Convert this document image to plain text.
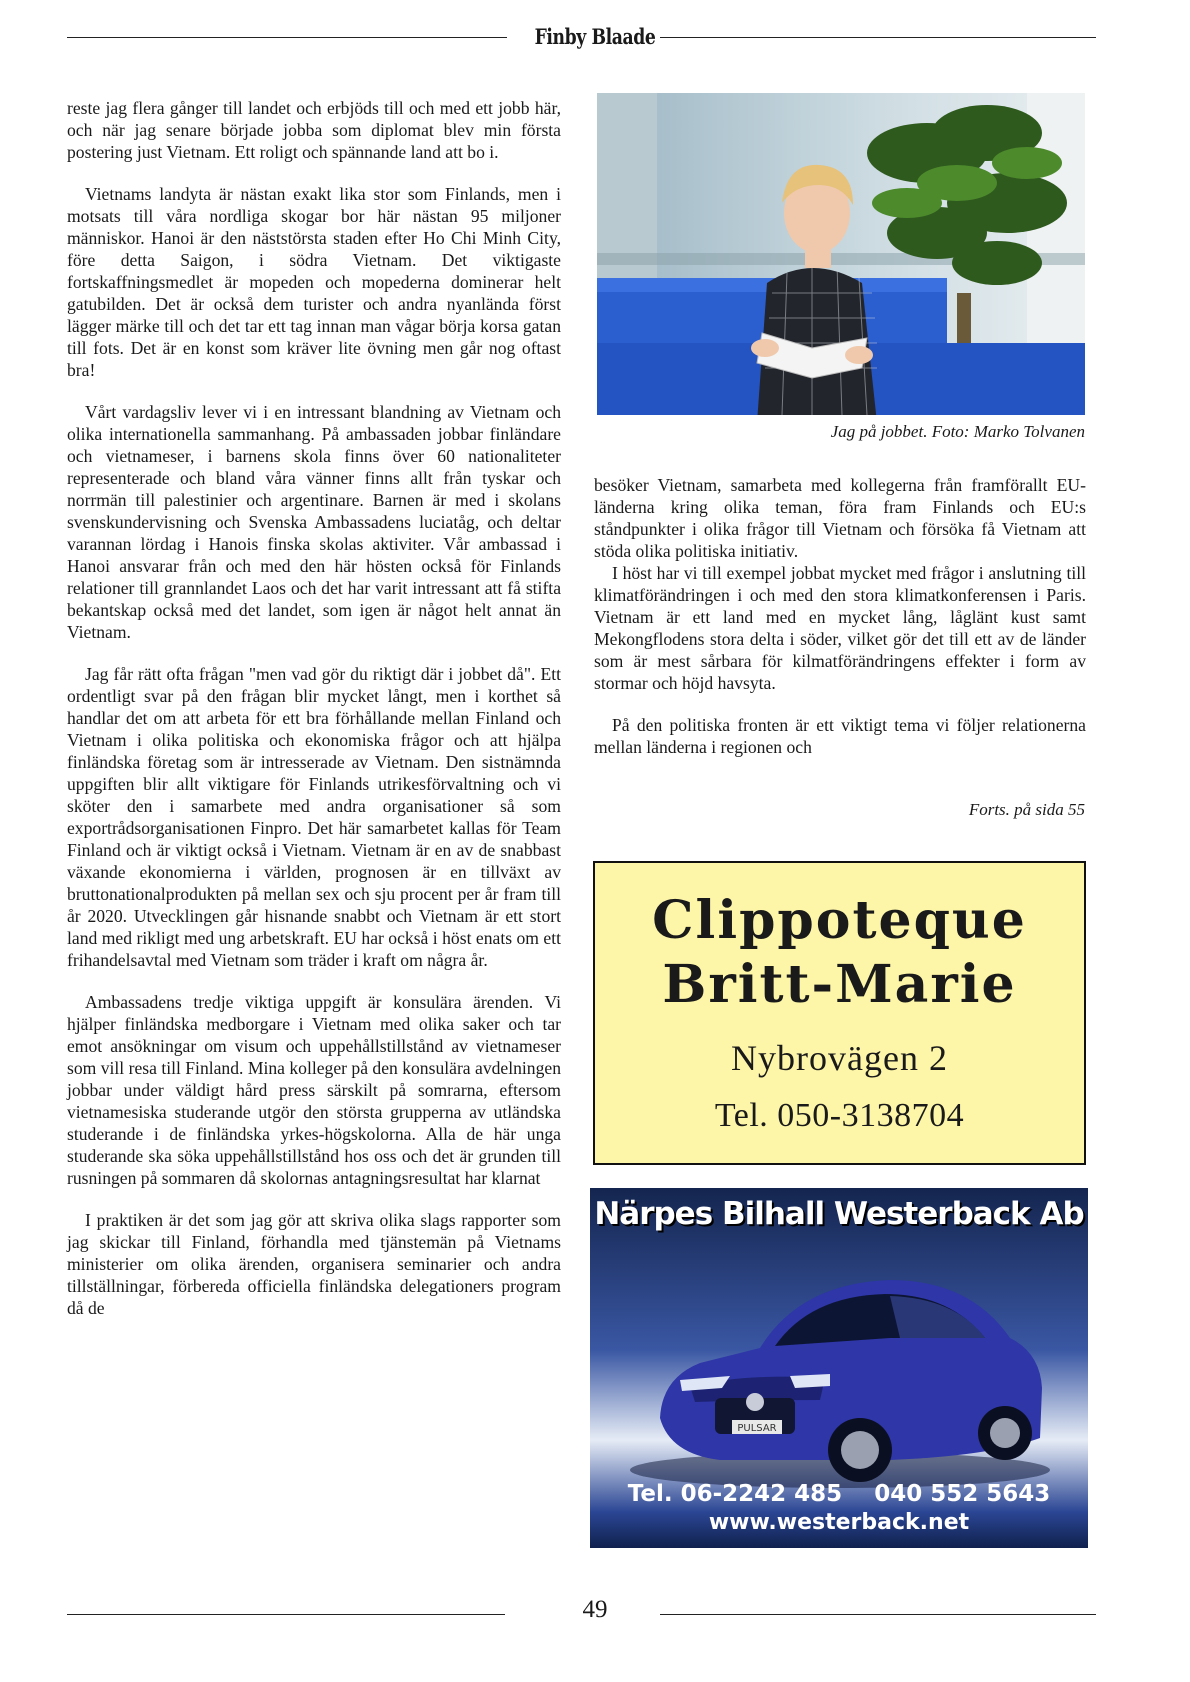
Finby Blaade

reste jag flera gånger till landet och erbjöds till och med ett jobb här, och när jag senare började jobba som diplomat blev min första postering just Vietnam. Ett roligt och spännande land att bo i.

Vietnams landyta är nästan exakt lika stor som Finlands, men i motsats till våra nordliga skogar bor här nästan 95 miljoner människor. Hanoi är den näststörsta staden efter Ho Chi Minh City, före detta Saigon, i södra Vietnam. Det viktigaste fortskaffningsmedlet är mopeden och mopederna dominerar helt gatubilden. Det är också dem turister och andra nyanlända först lägger märke till och det tar ett tag innan man vågar börja korsa gatan till fots. Det är en konst som kräver lite övning men går nog oftast bra!

Vårt vardagsliv lever vi i en intressant blandning av Vietnam och olika internationella sammanhang. På ambassaden jobbar finländare och vietnameser, i barnens skola finns över 60 nationaliteter representerade och bland våra vänner finns allt från tyskar och norrmän till palestinier och argentinare. Barnen är med i skolans svenskundervisning och Svenska Ambassadens luciatåg, och deltar varannan lördag i Hanois finska skolas aktiviter. Vår ambassad i Hanoi ansvarar från och med den här hösten också för Finlands relationer till grannlandet Laos och det har varit intressant att få stifta bekantskap också med det landet, som igen är något helt annat än Vietnam.

Jag får rätt ofta frågan "men vad gör du riktigt där i jobbet då". Ett ordentligt svar på den frågan blir mycket långt, men i korthet så handlar det om att arbeta för ett bra förhållande mellan Finland och Vietnam i olika politiska och ekonomiska frågor och att hjälpa finländska företag som är intresserade av Vietnam. Den sistnämnda uppgiften blir allt viktigare för Finlands utrikesförvaltning och vi sköter den i samarbete med andra organisationer så som exportrådsorganisationen Finpro. Det här samarbetet kallas för Team Finland och är viktigt också i Vietnam. Vietnam är en av de snabbast växande ekonomierna i världen, prognosen är en tillväxt av bruttonationalprodukten på mellan sex och sju procent per år fram till år 2020. Utvecklingen går hisnande snabbt och Vietnam är ett stort land med rikligt med ung arbetskraft. EU har också i höst enats om ett frihandelsavtal med Vietnam som träder i kraft om några år.

Ambassadens tredje viktiga uppgift är konsulära ärenden. Vi hjälper finländska medborgare i Vietnam med olika saker och tar emot ansökningar om visum och uppehållstillstånd av vietnameser som vill resa till Finland. Mina kolleger på den konsulära avdelningen jobbar under väldigt hård press särskilt på somrarna, eftersom vietnamesiska studerande utgör den största grupperna av utländska studerande i de finländska yrkes-högskolorna. Alla de här unga studerande ska söka uppehållstillstånd hos oss och det är grunden till rusningen på sommaren då skolornas antagningsresultat har klarnat

I praktiken är det som jag gör att skriva olika slags rapporter som jag skickar till Finland, förhandla med tjänstemän på Vietnams ministerier om olika ärenden, organisera seminarier och andra tillställningar, förbereda officiella finländska delegationers program då de

Jag på jobbet. Foto: Marko Tolvanen

besöker Vietnam, samarbeta med kollegerna från framförallt EU-länderna kring olika teman, föra fram Finlands och EU:s ståndpunkter i olika frågor till Vietnam och försöka få Vietnam att stöda olika politiska initiativ.

I höst har vi till exempel jobbat mycket med frågor i anslutning till klimatförändringen i och med den stora klimatkonferensen i Paris. Vietnam är ett land med en mycket lång, låglänt kust samt Mekongflodens stora delta i söder, vilket gör det till ett av de länder som är mest sårbara för kilmatförändringens effekter i form av stormar och höjd havsyta.

På den politiska fronten är ett viktigt tema vi följer relationerna mellan länderna i regionen och

Forts. på sida 55
Clippoteque
Britt-Marie
Nybrovägen 2
Tel. 050-3138704
Närpes Bilhall Westerback Ab
PULSAR
Tel. 06-2242 485    040 552 5643
www.westerback.net
49
